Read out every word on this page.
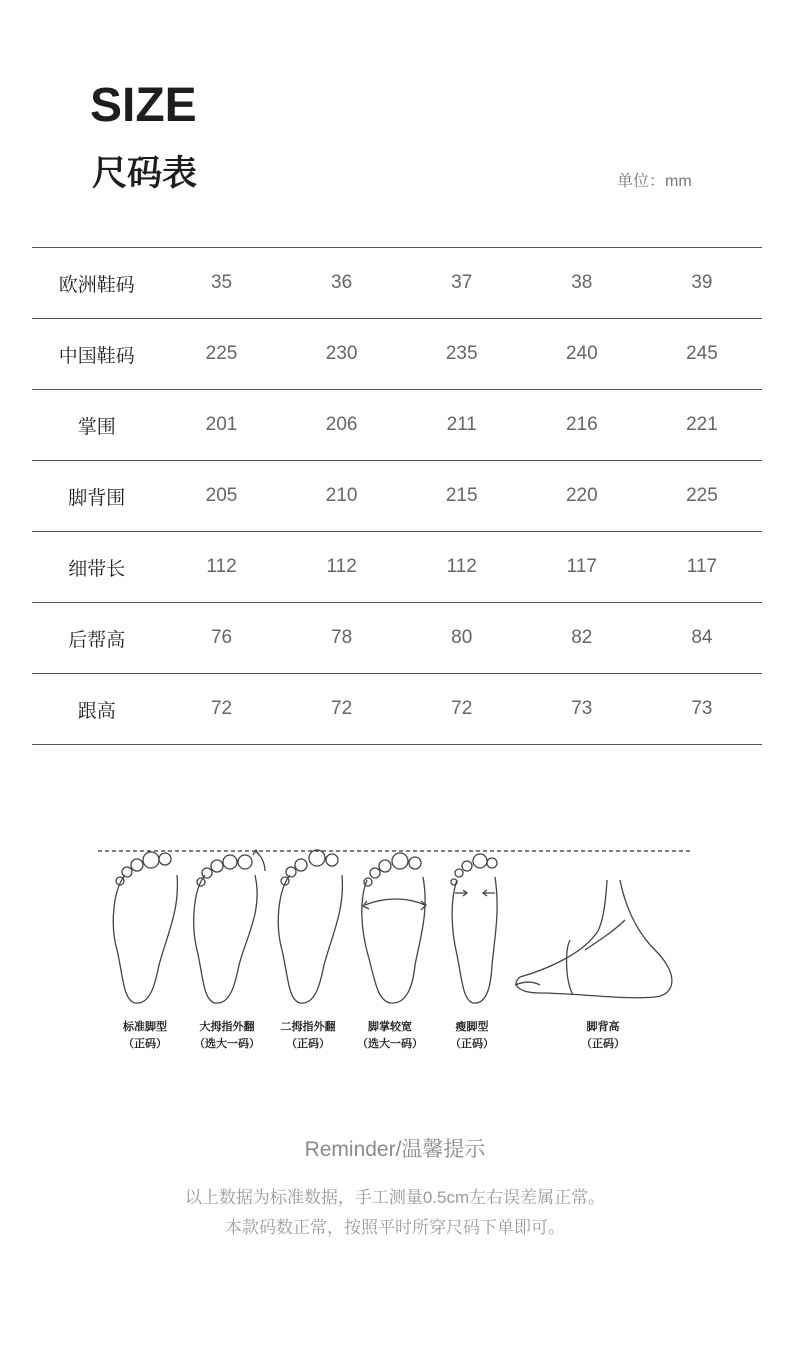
SIZE
尺码表	单位：mm
欧洲鞋码	35	36	37	38	39
中国鞋码	225	230	235	240	245
掌围	201	206	211	216	221
脚背围	205	210	215	220	225
细带长	112	112	112	117	117
后帮高	76	78	80	82	84
跟高	72	72	72	73	73
标准脚型
（正码）
大拇指外翻
（选大一码）
二拇指外翻
（正码）
脚掌较宽
（选大一码）
瘦脚型
（正码）
脚背高
（正码）
Reminder/温馨提示
以上数据为标准数据，手工测量0.5cm左右误差属正常。
本款码数正常，按照平时所穿尺码下单即可。
